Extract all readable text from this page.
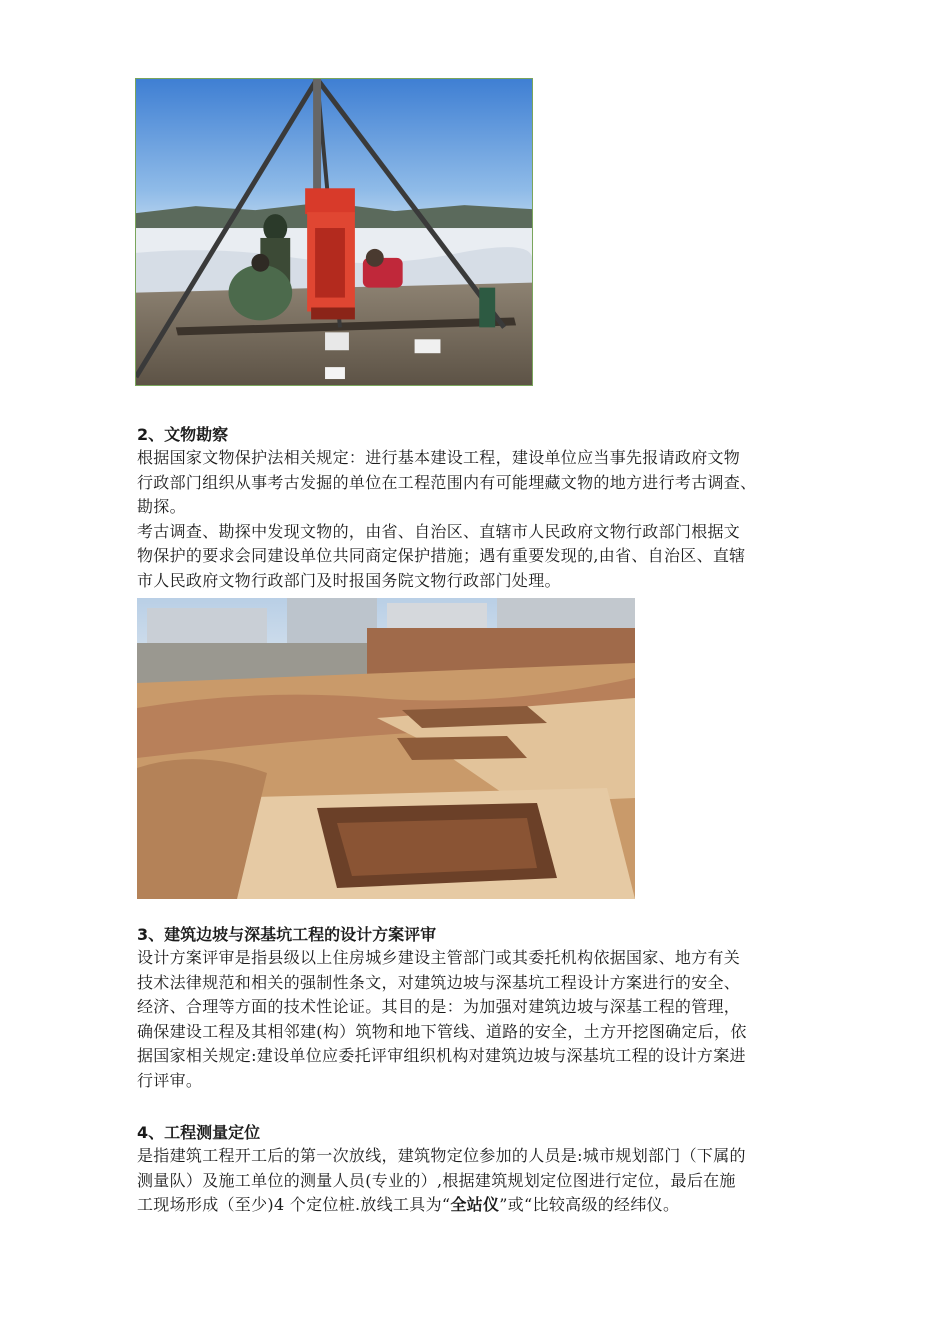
2、文物勘察

根据国家文物保护法相关规定：进行基本建设工程，建设单位应当事先报请政府文物
行政部门组织从事考古发掘的单位在工程范围内有可能埋藏文物的地方进行考古调查、
勘探。

考古调查、勘探中发现文物的，由省、自治区、直辖市人民政府文物行政部门根据文
物保护的要求会同建设单位共同商定保护措施；遇有重要发现的,由省、自治区、直辖
市人民政府文物行政部门及时报国务院文物行政部门处理。

3、建筑边坡与深基坑工程的设计方案评审

设计方案评审是指县级以上住房城乡建设主管部门或其委托机构依据国家、地方有关
技术法律规范和相关的强制性条文，对建筑边坡与深基坑工程设计方案进行的安全、
经济、合理等方面的技术性论证。其目的是：为加强对建筑边坡与深基工程的管理，
确保建设工程及其相邻建(构）筑物和地下管线、道路的安全，土方开挖图确定后，依
据国家相关规定:建设单位应委托评审组织机构对建筑边坡与深基坑工程的设计方案进
行评审。

4、工程测量定位

是指建筑工程开工后的第一次放线，建筑物定位参加的人员是:城市规划部门（下属的
测量队）及施工单位的测量人员(专业的）,根据建筑规划定位图进行定位，最后在施
工现场形成（至少)4 个定位桩.放线工具为“全站仪”或“比较高级的经纬仪。
